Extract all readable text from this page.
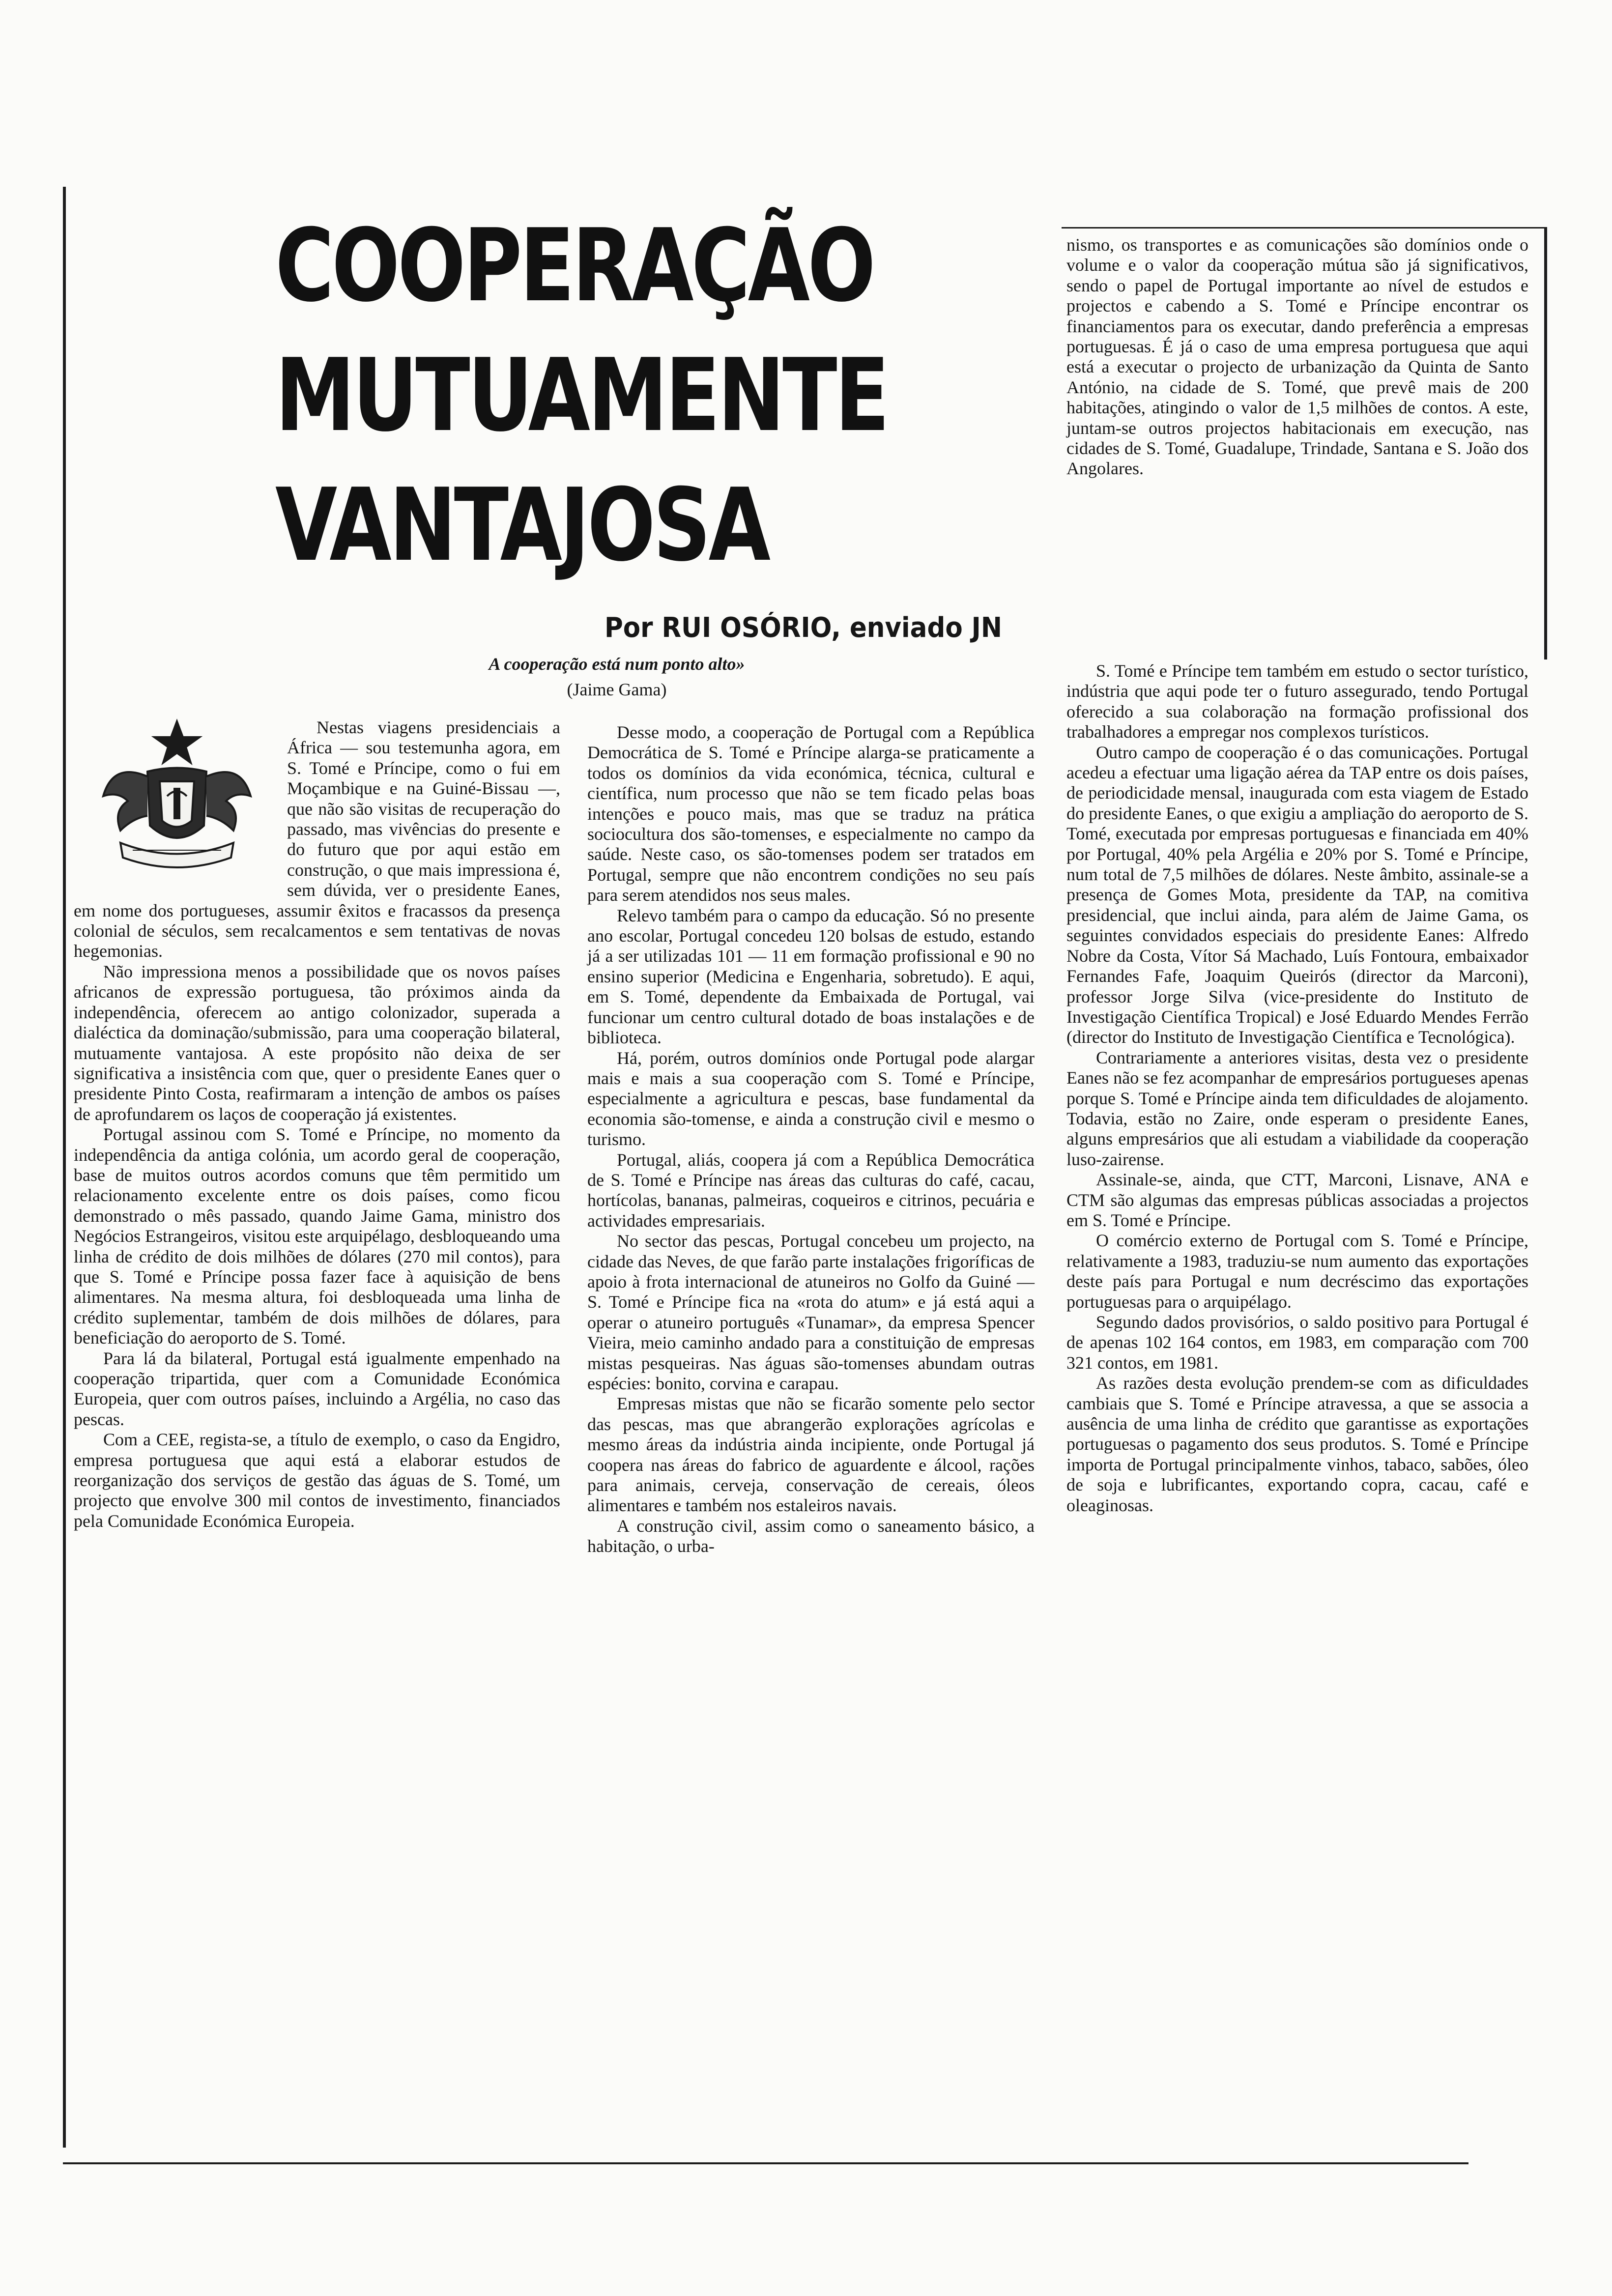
COOPERAÇÃO
MUTUAMENTE
VANTAJOSA
Por RUI OSÓRIO, enviado JN
A cooperação está num ponto alto»
(Jaime Gama)

Nestas viagens presidenciais a África — sou testemunha agora, em S. Tomé e Príncipe, como o fui em Moçambique e na Guiné-Bissau —, que não são visitas de recuperação do passado, mas vivências do presente e do futuro que por aqui estão em construção, o que mais impressiona é, sem dúvida, ver o presidente Eanes, em nome dos portugueses, assumir êxitos e fracassos da presença colonial de séculos, sem recalcamentos e sem tentativas de novas hegemonias.

Não impressiona menos a possibilidade que os novos países africanos de expressão portuguesa, tão próximos ainda da independência, oferecem ao antigo colonizador, superada a dialéctica da dominação/submissão, para uma cooperação bilateral, mutuamente vantajosa. A este propósito não deixa de ser significativa a insistência com que, quer o presidente Eanes quer o presidente Pinto Costa, reafirmaram a intenção de ambos os países de aprofundarem os laços de cooperação já existentes.

Portugal assinou com S. Tomé e Príncipe, no momento da independência da antiga colónia, um acordo geral de cooperação, base de muitos outros acordos comuns que têm permitido um relacionamento excelente entre os dois países, como ficou demonstrado o mês passado, quando Jaime Gama, ministro dos Negócios Estrangeiros, visitou este arquipélago, desbloqueando uma linha de crédito de dois milhões de dólares (270 mil contos), para que S. Tomé e Príncipe possa fazer face à aquisição de bens alimentares. Na mesma altura, foi desbloqueada uma linha de crédito suplementar, também de dois milhões de dólares, para beneficiação do aeroporto de S. Tomé.

Para lá da bilateral, Portugal está igualmente empenhado na cooperação tripartida, quer com a Comunidade Económica Europeia, quer com outros países, incluindo a Argélia, no caso das pescas.

Com a CEE, regista-se, a título de exemplo, o caso da Engidro, empresa portuguesa que aqui está a elaborar estudos de reorganização dos serviços de gestão das águas de S. Tomé, um projecto que envolve 300 mil contos de investimento, financiados pela Comunidade Económica Europeia.

Desse modo, a cooperação de Portugal com a República Democrática de S. Tomé e Príncipe alarga-se praticamente a todos os domínios da vida económica, técnica, cultural e científica, num processo que não se tem ficado pelas boas intenções e pouco mais, mas que se traduz na prática sociocultura dos são-tomenses, e especialmente no campo da saúde. Neste caso, os são-tomenses podem ser tratados em Portugal, sempre que não encontrem condições no seu país para serem atendidos nos seus males.

Relevo também para o campo da educação. Só no presente ano escolar, Portugal concedeu 120 bolsas de estudo, estando já a ser utilizadas 101 — 11 em formação profissional e 90 no ensino superior (Medicina e Engenharia, sobretudo). E aqui, em S. Tomé, dependente da Embaixada de Portugal, vai funcionar um centro cultural dotado de boas instalações e de biblioteca.

Há, porém, outros domínios onde Portugal pode alargar mais e mais a sua cooperação com S. Tomé e Príncipe, especialmente a agricultura e pescas, base fundamental da economia são-tomense, e ainda a construção civil e mesmo o turismo.

Portugal, aliás, coopera já com a República Democrática de S. Tomé e Príncipe nas áreas das culturas do café, cacau, hortícolas, bananas, palmeiras, coqueiros e citrinos, pecuária e actividades empresariais.

No sector das pescas, Portugal concebeu um projecto, na cidade das Neves, de que farão parte instalações frigoríficas de apoio à frota internacional de atuneiros no Golfo da Guiné — S. Tomé e Príncipe fica na «rota do atum» e já está aqui a operar o atuneiro português «Tunamar», da empresa Spencer Vieira, meio caminho andado para a constituição de empresas mistas pesqueiras. Nas águas são-tomenses abundam outras espécies: bonito, corvina e carapau.

Empresas mistas que não se ficarão somente pelo sector das pescas, mas que abrangerão explorações agrícolas e mesmo áreas da indústria ainda incipiente, onde Portugal já coopera nas áreas do fabrico de aguardente e álcool, rações para animais, cerveja, conservação de cereais, óleos alimentares e também nos estaleiros navais.

A construção civil, assim como o saneamento básico, a habitação, o urba-

nismo, os transportes e as comunicações são domínios onde o volume e o valor da cooperação mútua são já significativos, sendo o papel de Portugal importante ao nível de estudos e projectos e cabendo a S. Tomé e Príncipe encontrar os financiamentos para os executar, dando preferência a empresas portuguesas. É já o caso de uma empresa portuguesa que aqui está a executar o projecto de urbanização da Quinta de Santo António, na cidade de S. Tomé, que prevê mais de 200 habitações, atingindo o valor de 1,5 milhões de contos. A este, juntam-se outros projectos habitacionais em execução, nas cidades de S. Tomé, Guadalupe, Trindade, Santana e S. João dos Angolares.

S. Tomé e Príncipe tem também em estudo o sector turístico, indústria que aqui pode ter o futuro assegurado, tendo Portugal oferecido a sua colaboração na formação profissional dos trabalhadores a empregar nos complexos turísticos.

Outro campo de cooperação é o das comunicações. Portugal acedeu a efectuar uma ligação aérea da TAP entre os dois países, de periodicidade mensal, inaugurada com esta viagem de Estado do presidente Eanes, o que exigiu a ampliação do aeroporto de S. Tomé, executada por empresas portuguesas e financiada em 40% por Portugal, 40% pela Argélia e 20% por S. Tomé e Príncipe, num total de 7,5 milhões de dólares. Neste âmbito, assinale-se a presença de Gomes Mota, presidente da TAP, na comitiva presidencial, que inclui ainda, para além de Jaime Gama, os seguintes convidados especiais do presidente Eanes: Alfredo Nobre da Costa, Vítor Sá Machado, Luís Fontoura, embaixador Fernandes Fafe, Joaquim Queirós (director da Marconi), professor Jorge Silva (vice-presidente do Instituto de Investigação Científica Tropical) e José Eduardo Mendes Ferrão (director do Instituto de Investigação Científica e Tecnológica).

Contrariamente a anteriores visitas, desta vez o presidente Eanes não se fez acompanhar de empresários portugueses apenas porque S. Tomé e Príncipe ainda tem dificuldades de alojamento. Todavia, estão no Zaire, onde esperam o presidente Eanes, alguns empresários que ali estudam a viabilidade da cooperação luso-zairense.

Assinale-se, ainda, que CTT, Marconi, Lisnave, ANA e CTM são algumas das empresas públicas associadas a projectos em S. Tomé e Príncipe.

O comércio externo de Portugal com S. Tomé e Príncipe, relativamente a 1983, traduziu-se num aumento das exportações deste país para Portugal e num decréscimo das exportações portuguesas para o arquipélago.

Segundo dados provisórios, o saldo positivo para Portugal é de apenas 102 164 contos, em 1983, em comparação com 700 321 contos, em 1981.

As razões desta evolução prendem-se com as dificuldades cambiais que S. Tomé e Príncipe atravessa, a que se associa a ausência de uma linha de crédito que garantisse as exportações portuguesas o pagamento dos seus produtos. S. Tomé e Príncipe importa de Portugal principalmente vinhos, tabaco, sabões, óleo de soja e lubrificantes, exportando copra, cacau, café e oleaginosas.
